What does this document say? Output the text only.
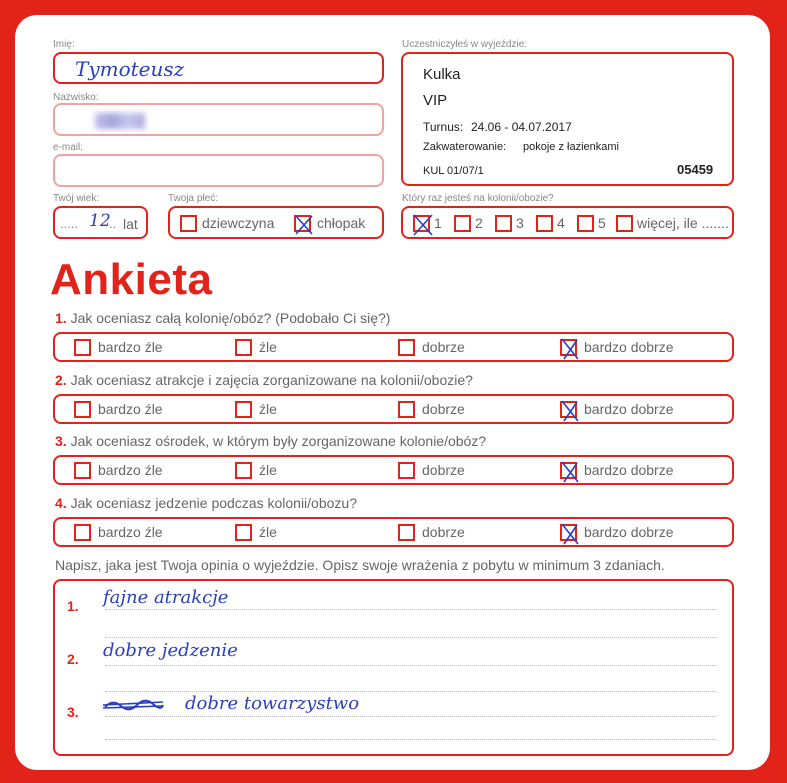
Imię:
Tymoteusz
Nazwisko:
e-mail:
Twój wiek:
..... 12
.. lat
Twoja płeć:
dziewczyna	chłopak
Uczestniczyłeś w wyjeździe:
Kulka
VIP
Turnus: 24.06 - 04.07.2017
Zakwaterowanie: pokoje z łazienkami
KUL 01/07/1	05459
Który raz jesteś na kolonii/obozie?
1 2 3 4 5 więcej, ile .......
Ankieta
1. Jak oceniasz całą kolonię/obóz? (Podobało Ci się?)
bardzo źle	źle	dobrze	bardzo dobrze
2. Jak oceniasz atrakcje i zajęcia zorganizowane na kolonii/obozie?
bardzo źle	źle	dobrze	bardzo dobrze
3. Jak oceniasz ośrodek, w którym były zorganizowane kolonie/obóz?
bardzo źle	źle	dobrze	bardzo dobrze
4. Jak oceniasz jedzenie podczas kolonii/obozu?
bardzo źle	źle	dobrze	bardzo dobrze
Napisz, jaka jest Twoja opinia o wyjeździe. Opisz swoje wrażenia z pobytu w minimum 3 zdaniach.
1. fajne atrakcje
2. dobre jedzenie
3.	dobre towarzystwo
